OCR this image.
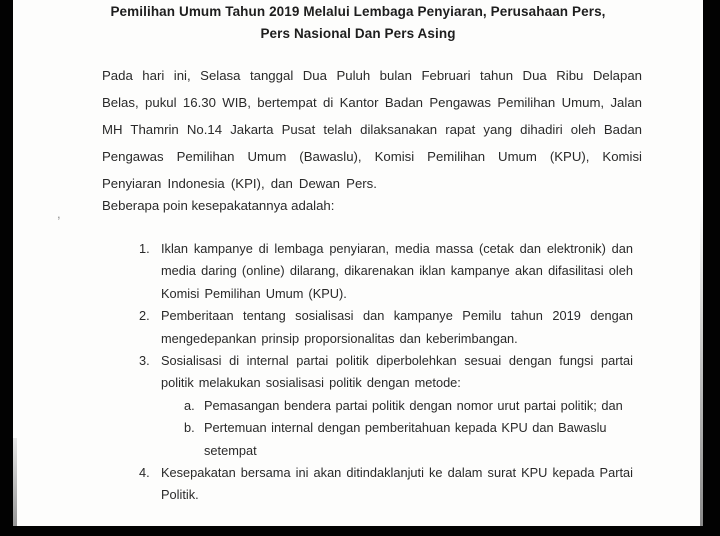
Pemilihan Umum Tahun 2019 Melalui Lembaga Penyiaran, Perusahaan Pers,
Pers Nasional Dan Pers Asing

Pada hari ini, Selasa tanggal Dua Puluh bulan Februari tahun Dua Ribu Delapan Belas, pukul 16.30 WIB, bertempat di Kantor Badan Pengawas Pemilihan Umum, Jalan MH Thamrin No.14 Jakarta Pusat telah dilaksanakan rapat yang dihadiri oleh Badan Pengawas Pemilihan Umum (Bawaslu), Komisi Pemilihan Umum (KPU), Komisi Penyiaran Indonesia (KPI), dan Dewan Pers.

Beberapa poin kesepakatannya adalah:

1. Iklan kampanye di lembaga penyiaran, media massa (cetak dan elektronik) dan media daring (online) dilarang, dikarenakan iklan kampanye akan difasilitasi oleh Komisi Pemilihan Umum (KPU).
2. Pemberitaan tentang sosialisasi dan kampanye Pemilu tahun 2019 dengan mengedepankan prinsip proporsionalitas dan keberimbangan.
3. Sosialisasi di internal partai politik diperbolehkan sesuai dengan fungsi partai politik melakukan sosialisasi politik dengan metode:
a. Pemasangan bendera partai politik dengan nomor urut partai politik; dan
b. Pertemuan internal dengan pemberitahuan kepada KPU dan Bawaslu setempat
4. Kesepakatan bersama ini akan ditindaklanjuti ke dalam surat KPU kepada Partai Politik.
,
